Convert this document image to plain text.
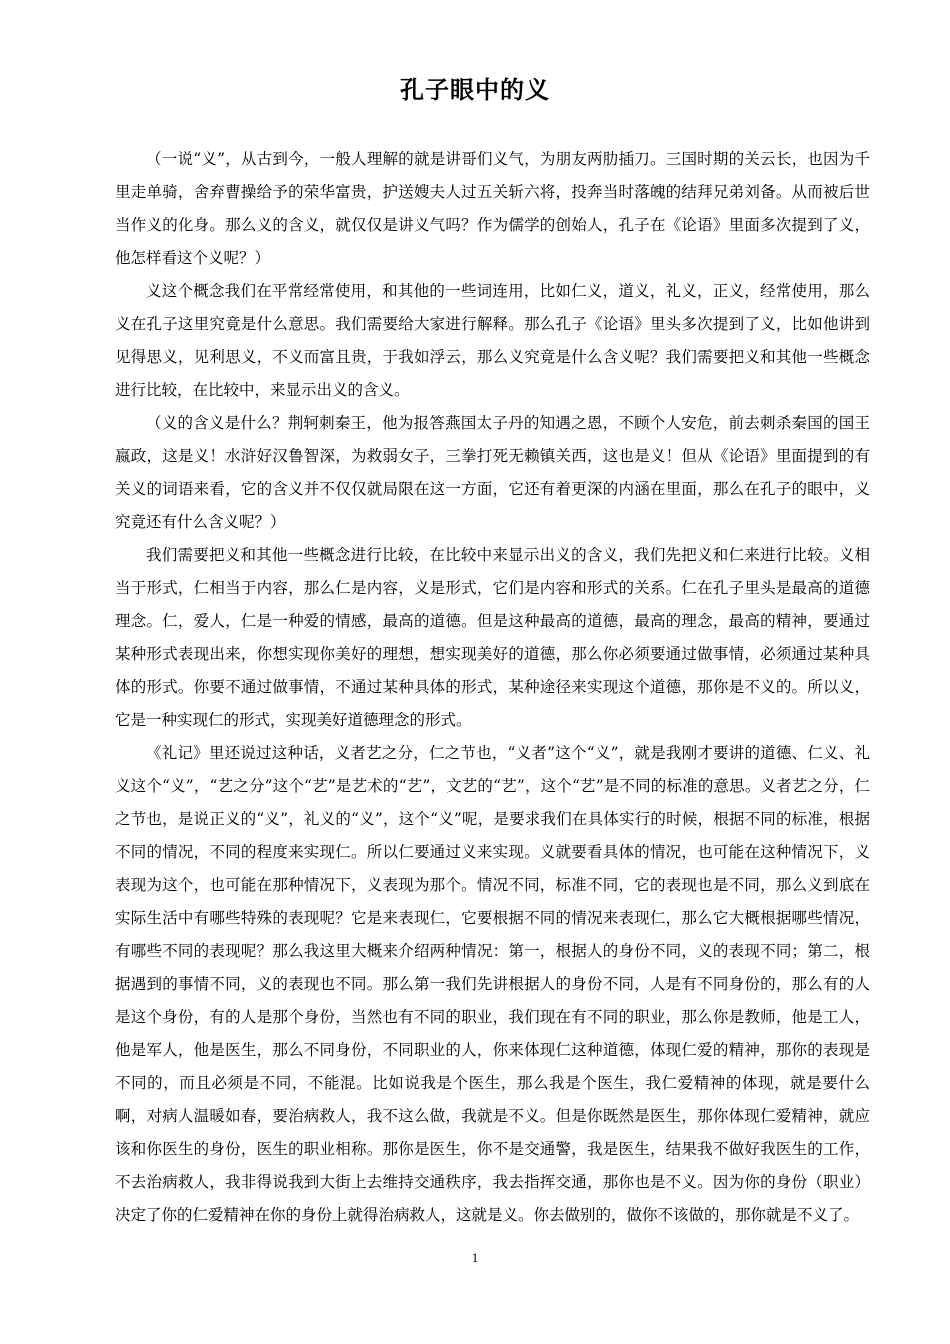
孔子眼中的义

（一说“义”，从古到今，一般人理解的就是讲哥们义气，为朋友两肋插刀。三国时期的关云长，也因为千里走单骑，舍弃曹操给予的荣华富贵，护送嫂夫人过五关斩六将，投奔当时落魄的结拜兄弟刘备。从而被后世当作义的化身。那么义的含义，就仅仅是讲义气吗？作为儒学的创始人，孔子在《论语》里面多次提到了义，他怎样看这个义呢？）

义这个概念我们在平常经常使用，和其他的一些词连用，比如仁义，道义，礼义，正义，经常使用，那么义在孔子这里究竟是什么意思。我们需要给大家进行解释。那么孔子《论语》里头多次提到了义，比如他讲到见得思义，见利思义，不义而富且贵，于我如浮云，那么义究竟是什么含义呢？我们需要把义和其他一些概念进行比较，在比较中，来显示出义的含义。

（义的含义是什么？荆轲刺秦王，他为报答燕国太子丹的知遇之恩，不顾个人安危，前去刺杀秦国的国王嬴政，这是义！水浒好汉鲁智深，为救弱女子，三拳打死无赖镇关西，这也是义！但从《论语》里面提到的有关义的词语来看，它的含义并不仅仅就局限在这一方面，它还有着更深的内涵在里面，那么在孔子的眼中，义究竟还有什么含义呢？）

我们需要把义和其他一些概念进行比较，在比较中来显示出义的含义，我们先把义和仁来进行比较。义相当于形式，仁相当于内容，那么仁是内容，义是形式，它们是内容和形式的关系。仁在孔子里头是最高的道德理念。仁，爱人，仁是一种爱的情感，最高的道德。但是这种最高的道德，最高的理念，最高的精神，要通过某种形式表现出来，你想实现你美好的理想，想实现美好的道德，那么你必须要通过做事情，必须通过某种具体的形式。你要不通过做事情，不通过某种具体的形式，某种途径来实现这个道德，那你是不义的。所以义，它是一种实现仁的形式，实现美好道德理念的形式。

《礼记》里还说过这种话，义者艺之分，仁之节也，“义者”这个“义”，就是我刚才要讲的道德、仁义、礼义这个“义”，“艺之分”这个“艺”是艺术的“艺”，文艺的“艺”，这个“艺”是不同的标准的意思。义者艺之分，仁之节也，是说正义的“义”，礼义的“义”，这个“义”呢，是要求我们在具体实行的时候，根据不同的标准，根据不同的情况，不同的程度来实现仁。所以仁要通过义来实现。义就要看具体的情况，也可能在这种情况下，义表现为这个，也可能在那种情况下，义表现为那个。情况不同，标准不同，它的表现也是不同，那么义到底在实际生活中有哪些特殊的表现呢？它是来表现仁，它要根据不同的情况来表现仁，那么它大概根据哪些情况，有哪些不同的表现呢？那么我这里大概来介绍两种情况：第一，根据人的身份不同，义的表现不同；第二，根据遇到的事情不同，义的表现也不同。那么第一我们先讲根据人的身份不同，人是有不同身份的，那么有的人是这个身份，有的人是那个身份，当然也有不同的职业，我们现在有不同的职业，那么你是教师，他是工人，他是军人，他是医生，那么不同身份，不同职业的人，你来体现仁这种道德，体现仁爱的精神，那你的表现是不同的，而且必须是不同，不能混。比如说我是个医生，那么我是个医生，我仁爱精神的体现，就是要什么啊，对病人温暖如春，要治病救人，我不这么做，我就是不义。但是你既然是医生，那你体现仁爱精神，就应该和你医生的身份，医生的职业相称。那你是医生，你不是交通警，我是医生，结果我不做好我医生的工作，不去治病救人，我非得说我到大街上去维持交通秩序，我去指挥交通，那你也是不义。因为你的身份（职业）决定了你的仁爱精神在你的身份上就得治病救人，这就是义。你去做别的，做你不该做的，那你就是不义了。

1
